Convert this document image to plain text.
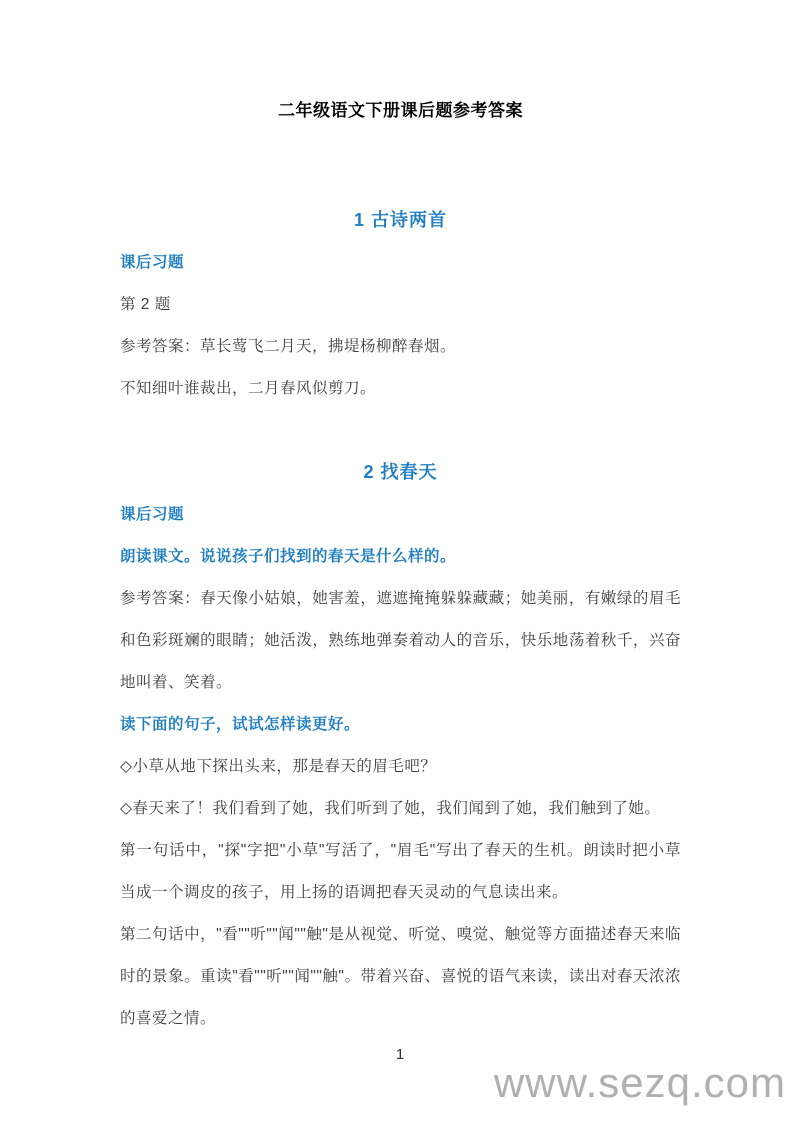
二年级语文下册课后题参考答案
1 古诗两首

课后习题

第 2 题

参考答案：草长莺飞二月天，拂堤杨柳醉春烟。

不知细叶谁裁出，二月春风似剪刀。

2 找春天

课后习题

朗读课文。说说孩子们找到的春天是什么样的。

参考答案：春天像小姑娘，她害羞，遮遮掩掩躲躲藏藏；她美丽，有嫩绿的眉毛和色彩斑斓的眼睛；她活泼，熟练地弹奏着动人的音乐，快乐地荡着秋千，兴奋地叫着、笑着。

读下面的句子，试试怎样读更好。

◇小草从地下探出头来，那是春天的眉毛吧？

◇春天来了！我们看到了她，我们听到了她，我们闻到了她，我们触到了她。

第一句话中，"探"字把"小草"写活了，"眉毛"写出了春天的生机。朗读时把小草当成一个调皮的孩子，用上扬的语调把春天灵动的气息读出来。

第二句话中，"看""听""闻""触"是从视觉、听觉、嗅觉、触觉等方面描述春天来临时的景象。重读"看""听""闻""触"。带着兴奋、喜悦的语气来读，读出对春天浓浓的喜爱之情。

1
www.sezq.com
